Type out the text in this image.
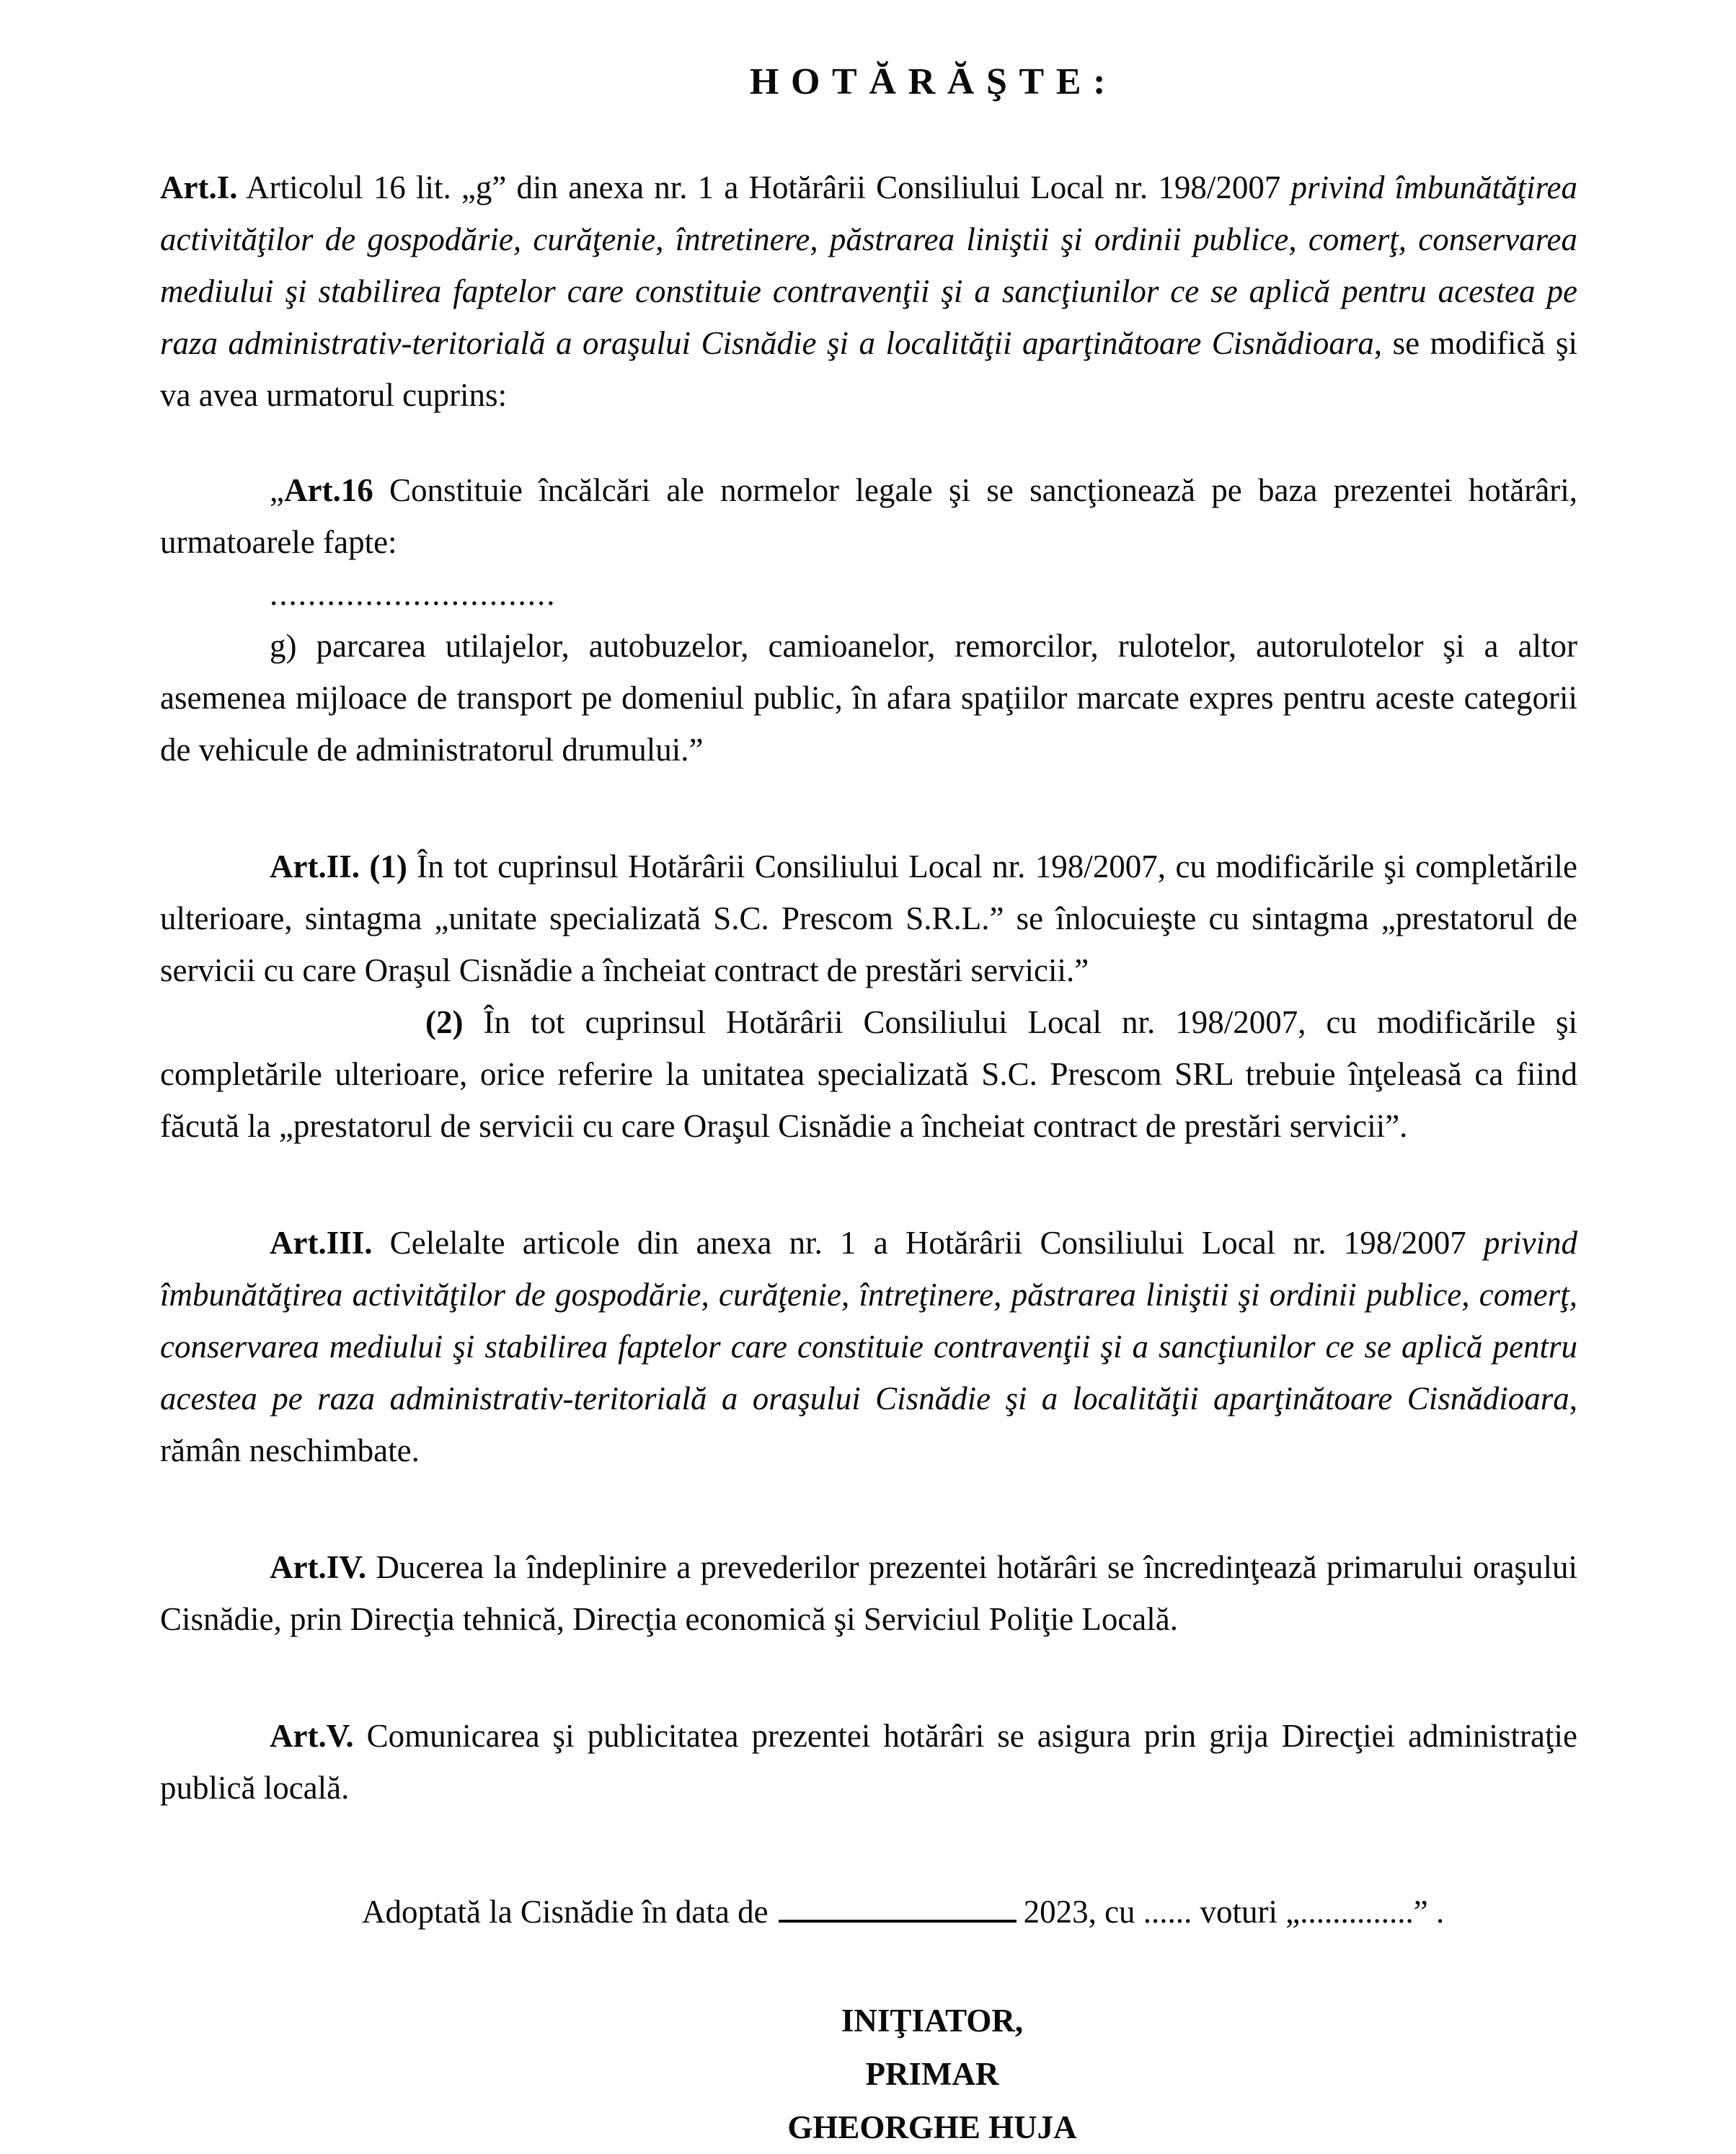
HOTĂRĂŞTE:

Art.I. Articolul 16 lit. „g” din anexa nr. 1 a Hotărârii Consiliului Local nr. 198/2007 privind îmbunătăţirea activităţilor de gospodărie, curăţenie, întretinere, păstrarea liniştii şi ordinii publice, comerţ, conservarea mediului şi stabilirea faptelor care constituie contravenţii şi a sancţiunilor ce se aplică pentru acestea pe raza administrativ-teritorială a oraşului Cisnădie şi a localităţii aparţinătoare Cisnădioara, se modifică şi va avea urmatorul cuprins:

„Art.16 Constituie încălcări ale normelor legale şi se sancţionează pe baza prezentei hotărâri, urmatoarele fapte:

..............................

g) parcarea utilajelor, autobuzelor, camioanelor, remorcilor, rulotelor, autorulotelor şi a altor asemenea mijloace de transport pe domeniul public, în afara spaţiilor marcate expres pentru aceste categorii de vehicule de administratorul drumului.”

Art.II. (1) În tot cuprinsul Hotărârii Consiliului Local nr. 198/2007, cu modificările şi completările ulterioare, sintagma „unitate specializată S.C. Prescom S.R.L.” se înlocuieşte cu sintagma „prestatorul de servicii cu care Oraşul Cisnădie a încheiat contract de prestări servicii.”

(2) În tot cuprinsul Hotărârii Consiliului Local nr. 198/2007, cu modificările şi completările ulterioare, orice referire la unitatea specializată S.C. Prescom SRL trebuie înţeleasă ca fiind făcută la „prestatorul de servicii cu care Oraşul Cisnădie a încheiat contract de prestări servicii”.

Art.III. Celelalte articole din anexa nr. 1 a Hotărârii Consiliului Local nr. 198/2007 privind îmbunătăţirea activităţilor de gospodărie, curăţenie, întreţinere, păstrarea liniştii şi ordinii publice, comerţ, conservarea mediului şi stabilirea faptelor care constituie contravenţii şi a sancţiunilor ce se aplică pentru acestea pe raza administrativ-teritorială a oraşului Cisnădie şi a localităţii aparţinătoare Cisnădioara, rămân neschimbate.

Art.IV. Ducerea la îndeplinire a prevederilor prezentei hotărâri se încredinţează primarului oraşului Cisnădie, prin Direcţia tehnică, Direcţia economică şi Serviciul Poliţie Locală.

Art.V. Comunicarea şi publicitatea prezentei hotărâri se asigura prin grija Direcţiei administraţie publică locală.

Adoptată la Cisnădie în data de	2023, cu ...... voturi „..............” .

INIŢIATOR,
PRIMAR
GHEORGHE HUJA
